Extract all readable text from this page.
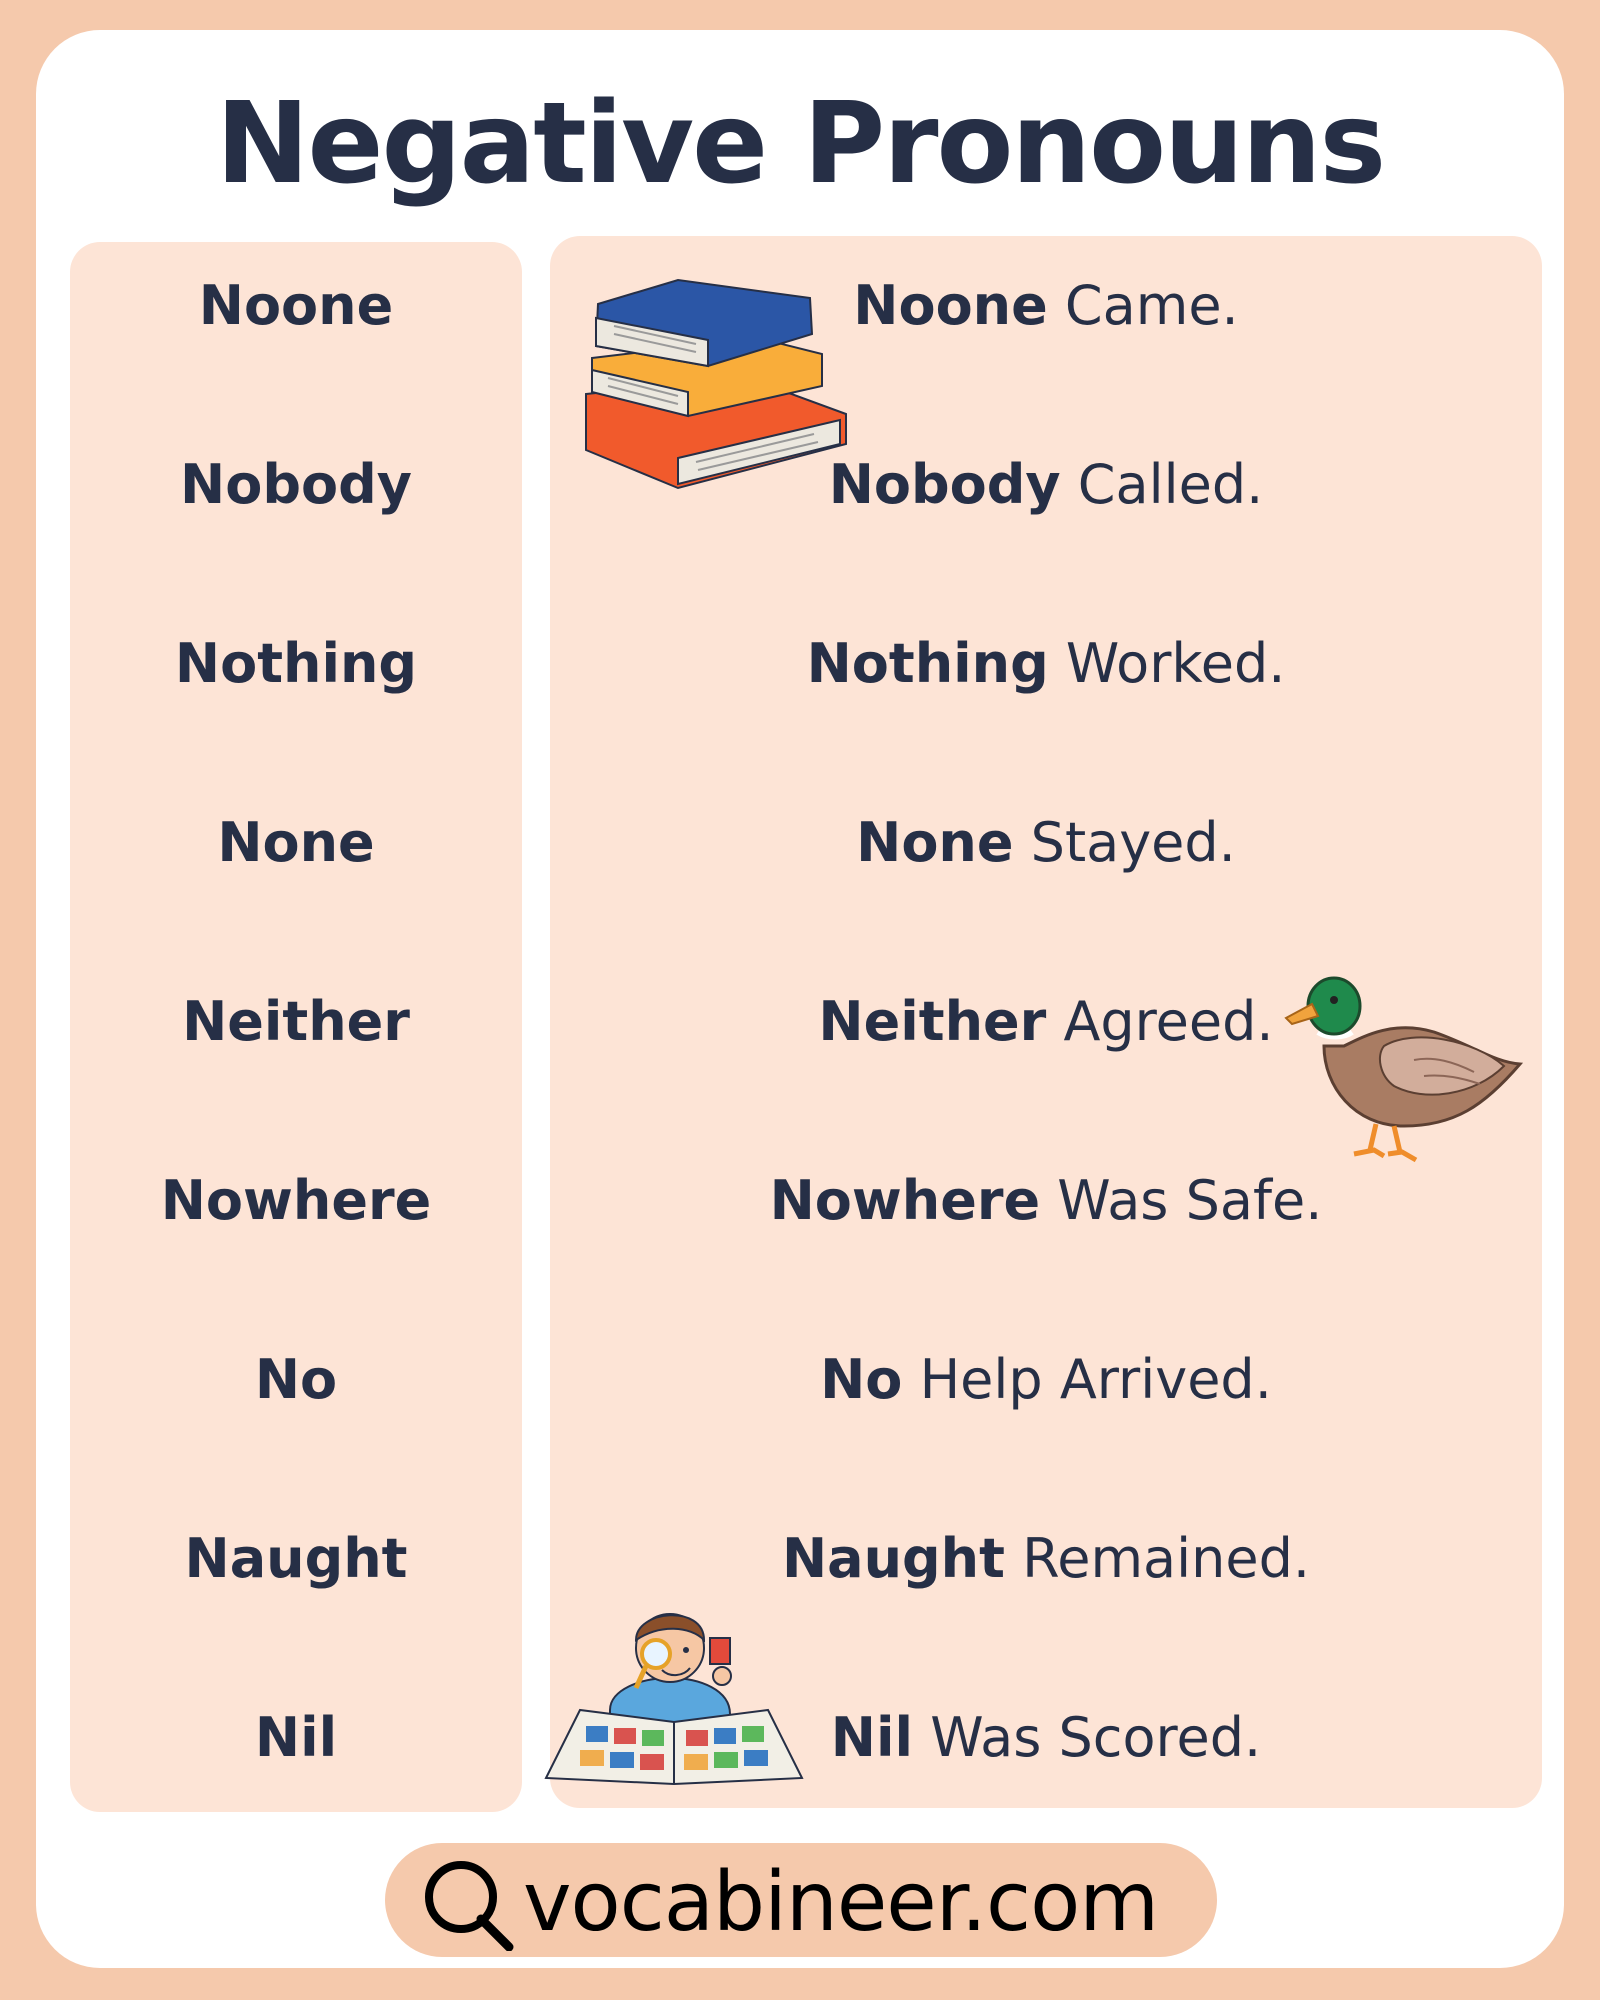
Negative Pronouns
Noone
Nobody
Nothing
None
Neither
Nowhere
No
Naught
Nil
Noone Came.
Nobody Called.
Nothing Worked.
None Stayed.
Neither Agreed.
Nowhere Was Safe.
No Help Arrived.
Naught Remained.
Nil Was Scored.
vocabineer.com
